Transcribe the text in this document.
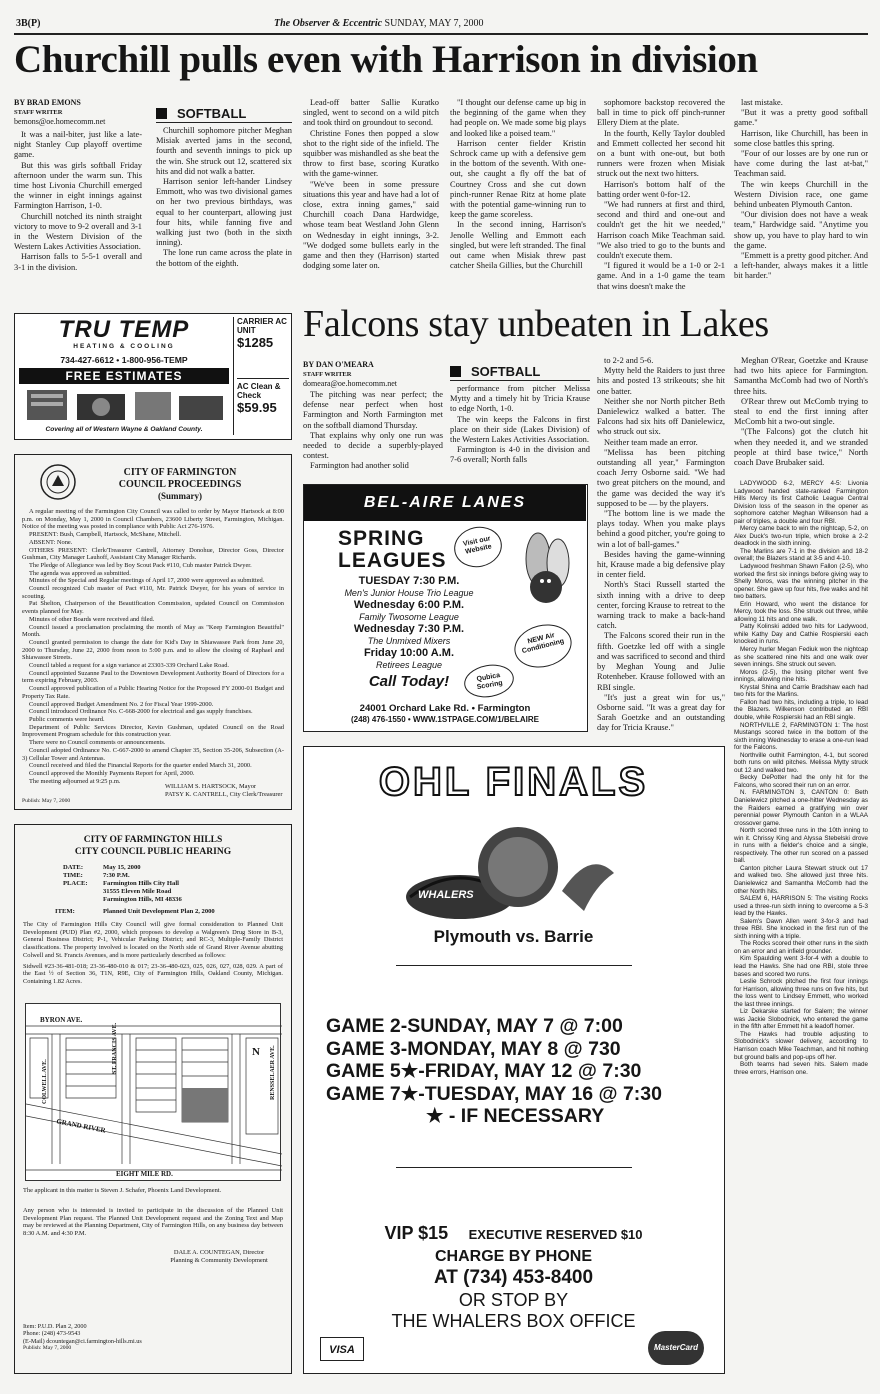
3B(P)	The Observer & Eccentric SUNDAY, MAY 7, 2000
Churchill pulls even with Harrison in division
BY BRAD EMONS
STAFF WRITER
bemons@oe.homecomm.net

It was a nail-biter, just like a late-night Stanley Cup playoff overtime game.

But this was girls softball Friday afternoon under the warm sun. This time host Livonia Churchill emerged the winner in eight innings against Farmington Harrison, 1-0.

Churchill notched its ninth straight victory to move to 9-2 overall and 3-1 in the Western Division of the Western Lakes Activities Association.

Harrison falls to 5-5-1 overall and 3-1 in the division.

SOFTBALL

Churchill sophomore pitcher Meghan Misiak averted jams in the second, fourth and seventh innings to pick up the win. She struck out 12, scattered six hits and did not walk a batter.

Harrison senior left-hander Lindsey Emmott, who was two divisional games on her two previous birthdays, was equal to her counterpart, allowing just four hits, while fanning five and walking just two (both in the sixth inning).

The lone run came across the plate in the bottom of the eighth.

Lead-off batter Sallie Kuratko singled, went to second on a wild pitch and took third on groundout to second.

Christine Fones then popped a slow shot to the right side of the infield. The squibber was mishandled as she beat the throw to first base, scoring Kuratko with the game-winner.

"We've been in some pressure situations this year and have had a lot of close, extra inning games," said Churchill coach Dana Hardwidge, whose team beat Westland John Glenn on Wednesday in eight innings, 3-2. "We dodged some bullets early in the game and then they (Harrison) started dodging some later on.

"I thought our defense came up big in the beginning of the game when they had people on. We made some big plays and looked like a poised team."

Harrison center fielder Kristin Schrock came up with a defensive gem in the bottom of the seventh. With one-out, she caught a fly off the bat of Courtney Cross and she cut down pinch-runner Renae Ritz at home plate with the potential game-winning run to keep the game scoreless.

In the second inning, Harrison's Jenolle Welling and Emmott each singled, but were left stranded. The final out came when Misiak threw past catcher Sheila Gillies, but the Churchill

sophomore backstop recovered the ball in time to pick off pinch-runner Ellery Diem at the plate.

In the fourth, Kelly Taylor doubled and Emmett collected her second hit on a bunt with one-out, but both runners were frozen when Misiak struck out the next two hitters.

Harrison's bottom half of the batting order went 0-for-12.

"We had runners at first and third, second and third and one-out and couldn't get the hit we needed," Harrison coach Mike Teachman said. "We also tried to go to the bunts and couldn't execute them.

"I figured it would be a 1-0 or 2-1 game. And in a 1-0 game the team that wins doesn't make the

last mistake.

"But it was a pretty good softball game."

Harrison, like Churchill, has been in some close battles this spring.

"Four of our losses are by one run or have come during the last at-bat," Teachman said.

The win keeps Churchill in the Western Division race, one game behind unbeaten Plymouth Canton.

"Our division does not have a weak team," Hardwidge said. "Anytime you show up, you have to play hard to win the game.

"Emmett is a pretty good pitcher. And a left-hander, always makes it a little bit harder."

TRU TEMP
HEATING & COOLING
734-427-6612 • 1-800-956-TEMP
FREE ESTIMATES
Covering all of Western Wayne & Oakland County.
CARRIER AC UNIT
$1285
AC Clean & Check
$59.95
CITY OF FARMINGTON
COUNCIL PROCEEDINGS
(Summary)

A regular meeting of the Farmington City Council was called to order by Mayor Hartsock at 8:00 p.m. on Monday, May 1, 2000 in Council Chambers, 23600 Liberty Street, Farmington, Michigan. Notice of the meeting was posted in compliance with Public Act 276-1976.

PRESENT: Bush, Campbell, Hartsock, McShane, Mitchell.

ABSENT: None.

OTHERS PRESENT: Clerk/Treasurer Cantrell, Attorney Donohue, Director Goss, Director Gushman, City Manager Lauhoff, Assistant City Manager Richards.

The Pledge of Allegiance was led by Boy Scout Pack #110, Cub master Patrick Dwyer.

The agenda was approved as submitted.

Minutes of the Special and Regular meetings of April 17, 2000 were approved as submitted.

Council recognized Cub master of Pact #110, Mr. Patrick Dwyer, for his years of service in scouting.

Pat Shelton, Chairperson of the Beautification Commission, updated Council on Commission events planned for May.

Minutes of other Boards were received and filed.

Council issued a proclamation proclaiming the month of May as "Keep Farmington Beautiful" Month.

Council granted permission to change the date for Kid's Day in Shiawassee Park from June 20, 2000 to Thursday, June 22, 2000 from noon to 5:00 p.m. and to allow the closing of Raphael and Shiawassee Streets.

Council tabled a request for a sign variance at 23303-339 Orchard Lake Road.

Council appointed Suzanne Paul to the Downtown Development Authority Board of Directors for a term expiring February, 2003.

Council approved publication of a Public Hearing Notice for the Proposed FY 2000-01 Budget and Property Tax Rate.

Council approved Budget Amendment No. 2 for Fiscal Year 1999-2000.

Council introduced Ordinance No. C-668-2000 for electrical and gas supply franchises.

Public comments were heard.

Department of Public Services Director, Kevin Gushman, updated Council on the Road Improvement Program schedule for this construction year.

There were no Council comments or announcements.

Council adopted Ordinance No. C-667-2000 to amend Chapter 35, Section 35-206, Subsection (A-3) Cellular Tower and Antennas.

Council received and filed the Financial Reports for the quarter ended March 31, 2000.

Council approved the Monthly Payments Report for April, 2000.

The meeting adjourned at 9:25 p.m.

WILLIAM S. HARTSOCK, Mayor
PATSY K. CANTRELL, City Clerk/Treasurer
Publish: May 7, 2000
CITY OF FARMINGTON HILLS
CITY COUNCIL PUBLIC HEARING
DATE:	May 15, 2000
TIME:	7:30 P.M.
PLACE:	Farmington Hills City Hall
31555 Eleven Mile Road
Farmington Hills, MI 48336
ITEM:	Planned Unit Development Plan 2, 2000
The City of Farmington Hills City Council will give formal consideration to Planned Unit Development (PUD) Plan #2, 2000, which proposes to develop a Walgreen's Drug Store in B-3, General Business District; P-1, Vehicular Parking District; and RC-3, Multiple-Family District classifications. The property involved is located on the North side of Grand River Avenue abutting Colwell and St. Francis Avenues, and is more particularly described as follows:
Sidwell #23-36-481-018; 23-36-480-010 & 017; 23-36-480-023, 025, 026, 027, 028, 029. A part of the East ½ of Section 36, T1N, R9E, City of Farmington Hills, Oakland County, Michigan. Containing 1.82 Acres.
BYRON AVE.
ST. FRANCIS AVE.
COLWELL AVE.	RENSSELAER AVE.
GRAND RIVER
EIGHT MILE RD.
N
The applicant in this matter is Steven J. Schafer, Phoenix Land Development.
Any person who is interested is invited to participate in the discussion of the Planned Unit Development Plan request. The Planned Unit Development request and the Zoning Text and Map may be reviewed at the Planning Department, City of Farmington Hills, on any business day between 8:30 A.M. and 4:30 P.M.
DALE A. COUNTEGAN, Director
Planning & Community Development
Item: P.U.D. Plan 2, 2000
Phone: (248) 473-9543
(E-Mail) dcountegan@ci.farmington-hills.mi.us
Publish: May 7, 2000
Falcons stay unbeaten in Lakes
BY DAN O'MEARA
STAFF WRITER
domeara@oe.homecomm.net

The pitching was near perfect; the defense near perfect when host Farmington and North Farmington met on the softball diamond Thursday.

That explains why only one run was needed to decide a superbly-played contest.

Farmington had another solid

SOFTBALL

performance from pitcher Melissa Mytty and a timely hit by Tricia Krause to edge North, 1-0.

The win keeps the Falcons in first place on their side (Lakes Division) of the Western Lakes Activities Association.

Farmington is 4-0 in the division and 7-6 overall; North falls

to 2-2 and 5-6.

Mytty held the Raiders to just three hits and posted 13 strikeouts; she hit one batter.

Neither she nor North pitcher Beth Danielewicz walked a batter. The Falcons had six hits off Danielewicz, who struck out six.

Neither team made an error.

"Melissa has been pitching outstanding all year," Farmington coach Jerry Osborne said. "We had two great pitchers on the mound, and the game was decided the way it's supposed to be — by the players.

"The bottom line is we made the plays today. When you make plays behind a good pitcher, you're going to win a lot of ball-games."

Besides having the game-winning hit, Krause made a big defensive play in center field.

North's Staci Russell started the sixth inning with a drive to deep center, forcing Krause to retreat to the warning track to make a back-hand catch.

The Falcons scored their run in the fifth. Goetzke led off with a single and was sacrificed to second and third by Meghan Young and Julie Rotenheber. Krause followed with an RBI single.

"It's just a great win for us," Osborne said. "It was a great day for Sarah Goetzke and an outstanding day for Tricia Krause."

Meghan O'Rear, Goetzke and Krause had two hits apiece for Farmington. Samantha McComb had two of North's three hits.

O'Rear threw out McComb trying to steal to end the first inning after McComb hit a two-out single.

"(The Falcons) got the clutch hit when they needed it, and we stranded people at third base twice," North coach Dave Brubaker said.

LADYWOOD 6-2, MERCY 4-5: Livonia Ladywood handed state-ranked Farmington Hills Mercy its first Catholic League Central Division loss of the season in the opener as sophomore catcher Meghan Wilkenson had a pair of triples, a double and four RBI.

Mercy came back to win the nightcap, 5-2, on Alex Duck's two-run triple, which broke a 2-2 deadlock in the sixth inning.

The Marlins are 7-1 in the division and 18-2 overall; the Blazers stand at 3-5 and 4-10.

Ladywood freshman Shawn Fallon (2-5), who worked the first six innings before giving way to Shelly Moros, was the winning pitcher in the opener. She gave up four hits, five walks and hit two batters.

Erin Howard, who went the distance for Mercy, took the loss. She struck out three, while allowing 11 hits and one walk.

Patty Kolinski added two hits for Ladywood, while Kathy Day and Cathie Rospierski each knocked in runs.

Mercy hurler Megan Fediuk won the nightcap as she scattered nine hits and one walk over seven innings. She struck out seven.

Moros (2-5), the losing pitcher went five innings, allowing nine hits.

Krystal Shina and Carrie Bradshaw each had two hits for the Marlins.

Fallon had two hits, including a triple, to lead the Blazers. Wilkenson contributed an RBI double, while Rospierski had an RBI single.

NORTHVILLE 2, FARMINGTON 1: The host Mustangs scored twice in the bottom of the sixth inning Wednesday to erase a one-run lead for the Falcons.

Northville outhit Farmington, 4-1, but scored both runs on wild pitches. Melissa Mytty struck out 12 and walked two.

Becky DePotter had the only hit for the Falcons, who scored their run on an error.

N. FARMINGTON 3, CANTON 0: Beth Danielewicz pitched a one-hitter Wednesday as the Raiders earned a gratifying win over perennial power Plymouth Canton in a WLAA crossover game.

North scored three runs in the 10th inning to win it. Chrissy King and Alyssa Stebelski drove in runs with a fielder's choice and a single, respectively. The other run scored on a passed ball.

Canton pitcher Laura Stewart struck out 17 and walked two. She allowed just three hits. Danielewicz and Samantha McComb had the other North hits.

SALEM 6, HARRISON 5: The visiting Rocks used a three-run sixth inning to overcome a 5-3 lead by the Hawks.

Salem's Dawn Allen went 3-for-3 and had three RBI. She knocked in the first run of the sixth inning with a triple.

The Rocks scored their other runs in the sixth on an error and an infield grounder.

Kim Spaulding went 3-for-4 with a double to lead the Hawks. She had one RBI, stole three bases and scored two runs.

Leslie Schrock pitched the first four innings for Harrison, allowing three runs on five hits, but the loss went to Lindsey Emmett, who worked the last three innings.

Liz Dekarske started for Salem; the winner was Jackie Slobodnick, who entered the game in the fifth after Emmett hit a leadoff homer.

The Hawks had trouble adjusting to Slobodnick's slower delivery, according to Harrison coach Mike Teachman, and hit nothing but ground balls and pop-ups off her.

Both teams had seven hits. Salem made three errors, Harrison one.

BEL-AIRE LANES
SPRING
LEAGUES
Visit our Website
TUESDAY 7:30 P.M.
Men's Junior House Trio League
Wednesday 6:00 P.M.
Family Twosome League
Wednesday 7:30 P.M.
The Unmixed Mixers
Friday 10:00 A.M.
Retirees League
Call Today!
NEW Air Conditioning
Qubica Scoring
24001 Orchard Lake Rd. • Farmington
(248) 476-1550 • WWW.1STPAGE.COM/1/BELAIRE
OHL FINALS
WHALERS
Plymouth vs. Barrie
GAME 2-SUNDAY, MAY 7 @ 7:00
GAME 3-MONDAY, MAY 8 @ 730
GAME 5★-FRIDAY, MAY 12 @ 7:30
GAME 7★-TUESDAY, MAY 16 @ 7:30
★ - IF NECESSARY
VIP $15 EXECUTIVE RESERVED $10
CHARGE BY PHONE
AT (734) 453-8400
OR STOP BY
THE WHALERS BOX OFFICE
VISA	MasterCard
